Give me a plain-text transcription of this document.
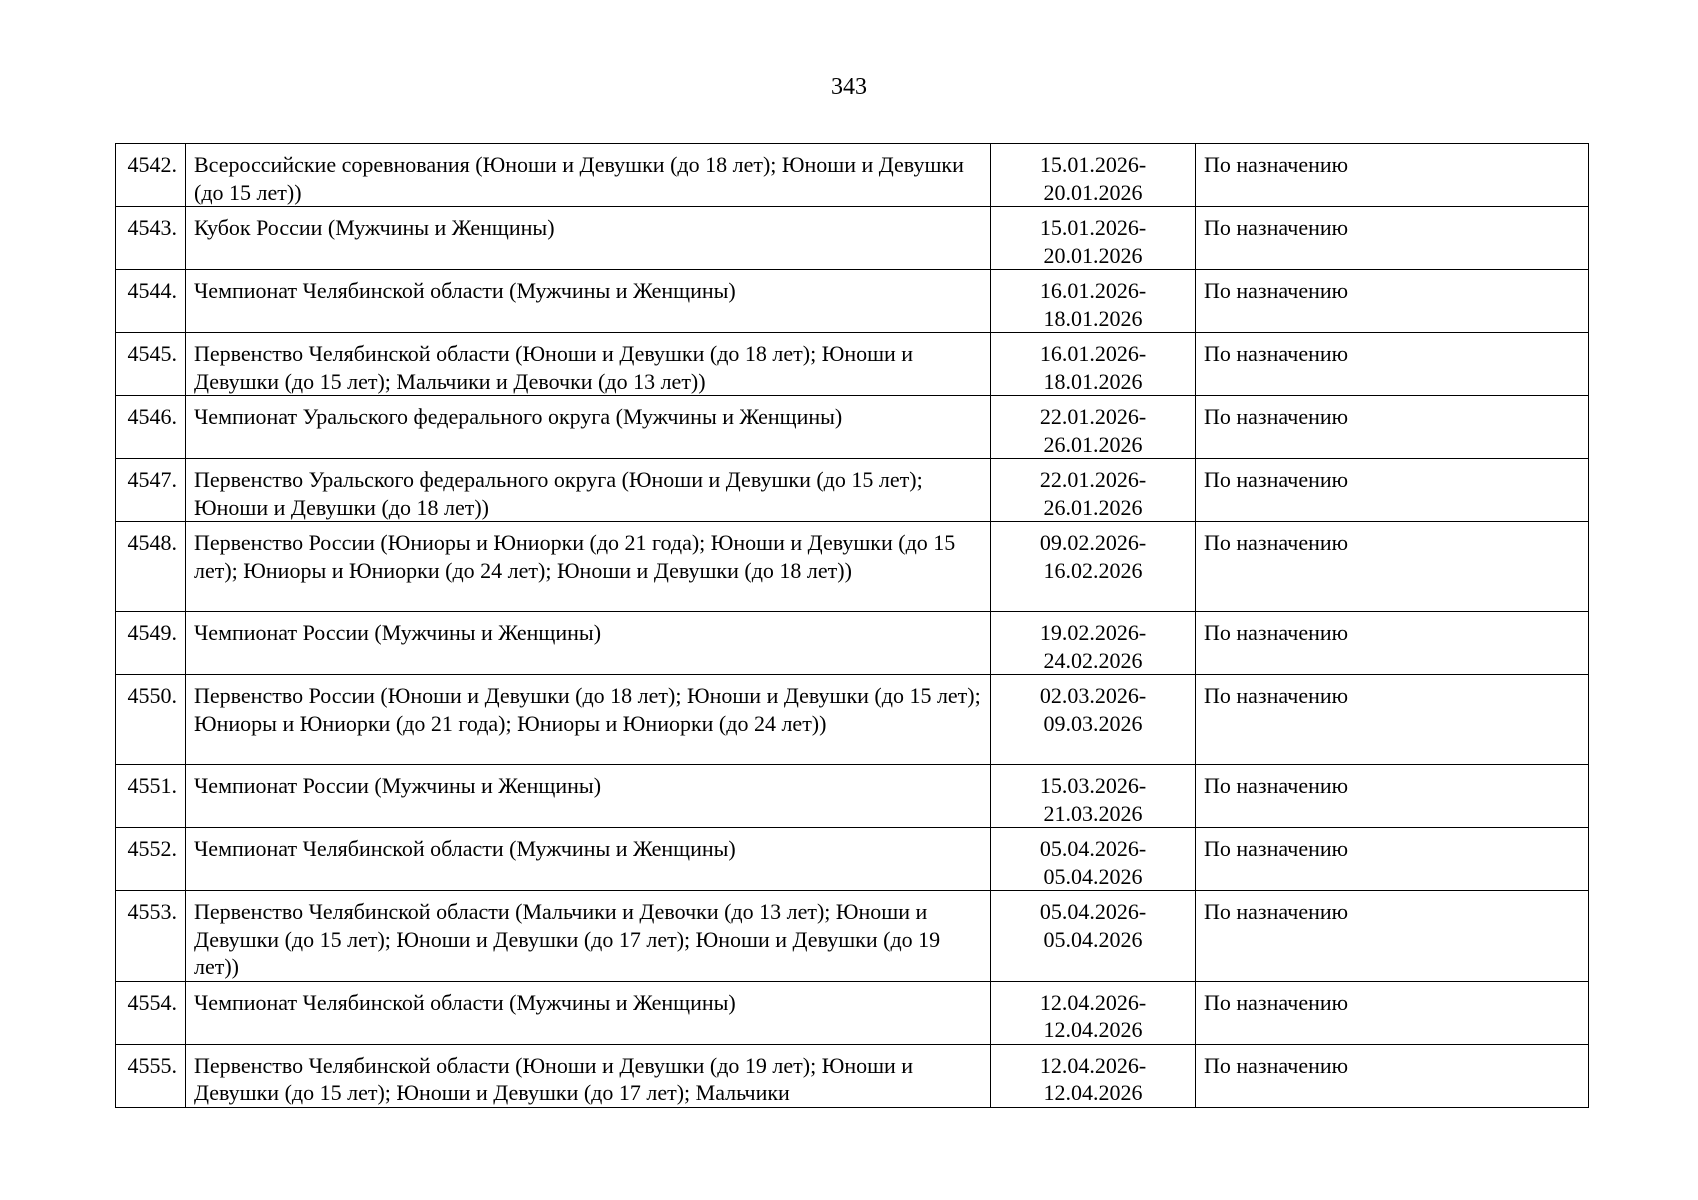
343
4542.	Всероссийские соревнования (Юноши и Девушки (до 18 лет); Юноши и Девушки (до 15 лет))	15.01.2026-
20.01.2026	По назначению
4543.	Кубок России (Мужчины и Женщины)	15.01.2026-
20.01.2026	По назначению
4544.	Чемпионат Челябинской области (Мужчины и Женщины)	16.01.2026-
18.01.2026	По назначению
4545.	Первенство Челябинской области (Юноши и Девушки (до 18 лет); Юноши и Девушки (до 15 лет); Мальчики и Девочки (до 13 лет))	16.01.2026-
18.01.2026	По назначению
4546.	Чемпионат Уральского федерального округа (Мужчины и Женщины)	22.01.2026-
26.01.2026	По назначению
4547.	Первенство Уральского федерального округа (Юноши и Девушки (до 15 лет); Юноши и Девушки (до 18 лет))	22.01.2026-
26.01.2026	По назначению
4548.	Первенство России (Юниоры и Юниорки (до 21 года); Юноши и Девушки (до 15 лет); Юниоры и Юниорки (до 24 лет); Юноши и Девушки (до 18 лет))	09.02.2026-
16.02.2026	По назначению
4549.	Чемпионат России (Мужчины и Женщины)	19.02.2026-
24.02.2026	По назначению
4550.	Первенство России (Юноши и Девушки (до 18 лет); Юноши и Девушки (до 15 лет); Юниоры и Юниорки (до 21 года); Юниоры и Юниорки (до 24 лет))	02.03.2026-
09.03.2026	По назначению
4551.	Чемпионат России (Мужчины и Женщины)	15.03.2026-
21.03.2026	По назначению
4552.	Чемпионат Челябинской области (Мужчины и Женщины)	05.04.2026-
05.04.2026	По назначению
4553.	Первенство Челябинской области (Мальчики и Девочки (до 13 лет); Юноши и Девушки (до 15 лет); Юноши и Девушки (до 17 лет); Юноши и Девушки (до 19 лет))	05.04.2026-
05.04.2026	По назначению
4554.	Чемпионат Челябинской области (Мужчины и Женщины)	12.04.2026-
12.04.2026	По назначению
4555.	Первенство Челябинской области (Юноши и Девушки (до 19 лет); Юноши и Девушки (до 15 лет); Юноши и Девушки (до 17 лет); Мальчики	12.04.2026-
12.04.2026	По назначению
